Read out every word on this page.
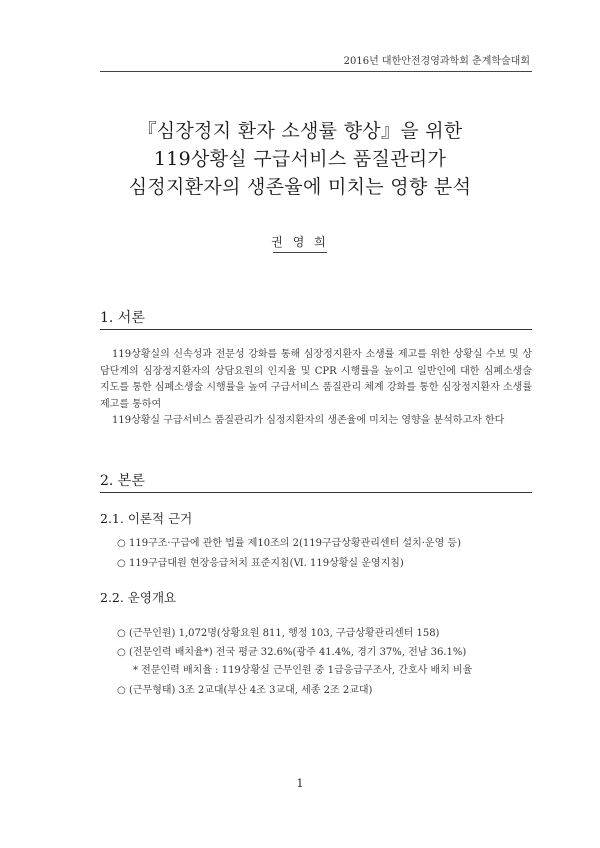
2016년 대한안전경영과학회 춘계학술대회
『심장정지 환자 소생률 향상』을 위한
119상황실 구급서비스 품질관리가
심정지환자의 생존율에 미치는 영향 분석
권 영 희
1. 서론

119상황실의 신속성과 전문성 강화를 통해 심장정지환자 소생률 제고를 위한 상황실 수보 및 상담단계의 심장정지환자의 상담요원의 인지율 및 CPR 시행률을 높이고 일반인에 대한 심폐소생술 지도를 통한 심폐소생술 시행률을 높여 구급서비스 품질관리 체계 강화를 통한 심장정지환자 소생률 제고를 통하여

119상황실 구급서비스 품질관리가 심정지환자의 생존율에 미치는 영향을 분석하고자 한다

2. 본론
2.1. 이론적 근거
○ 119구조·구급에 관한 법률 제10조의 2(119구급상황관리센터 설치·운영 등)
○ 119구급대원 현장응급처치 표준지침(Ⅵ. 119상황실 운영지침)
2.2. 운영개요
○ (근무인원) 1,072명(상황요원 811, 행정 103, 구급상황관리센터 158)
○ (전문인력 배치율*) 전국 평균 32.6%(광주 41.4%, 경기 37%, 전남 36.1%)
* 전문인력 배치율 : 119상황실 근무인원 중 1급응급구조사, 간호사 배치 비율
○ (근무형태) 3조 2교대(부산 4조 3교대, 세종 2조 2교대)
1
